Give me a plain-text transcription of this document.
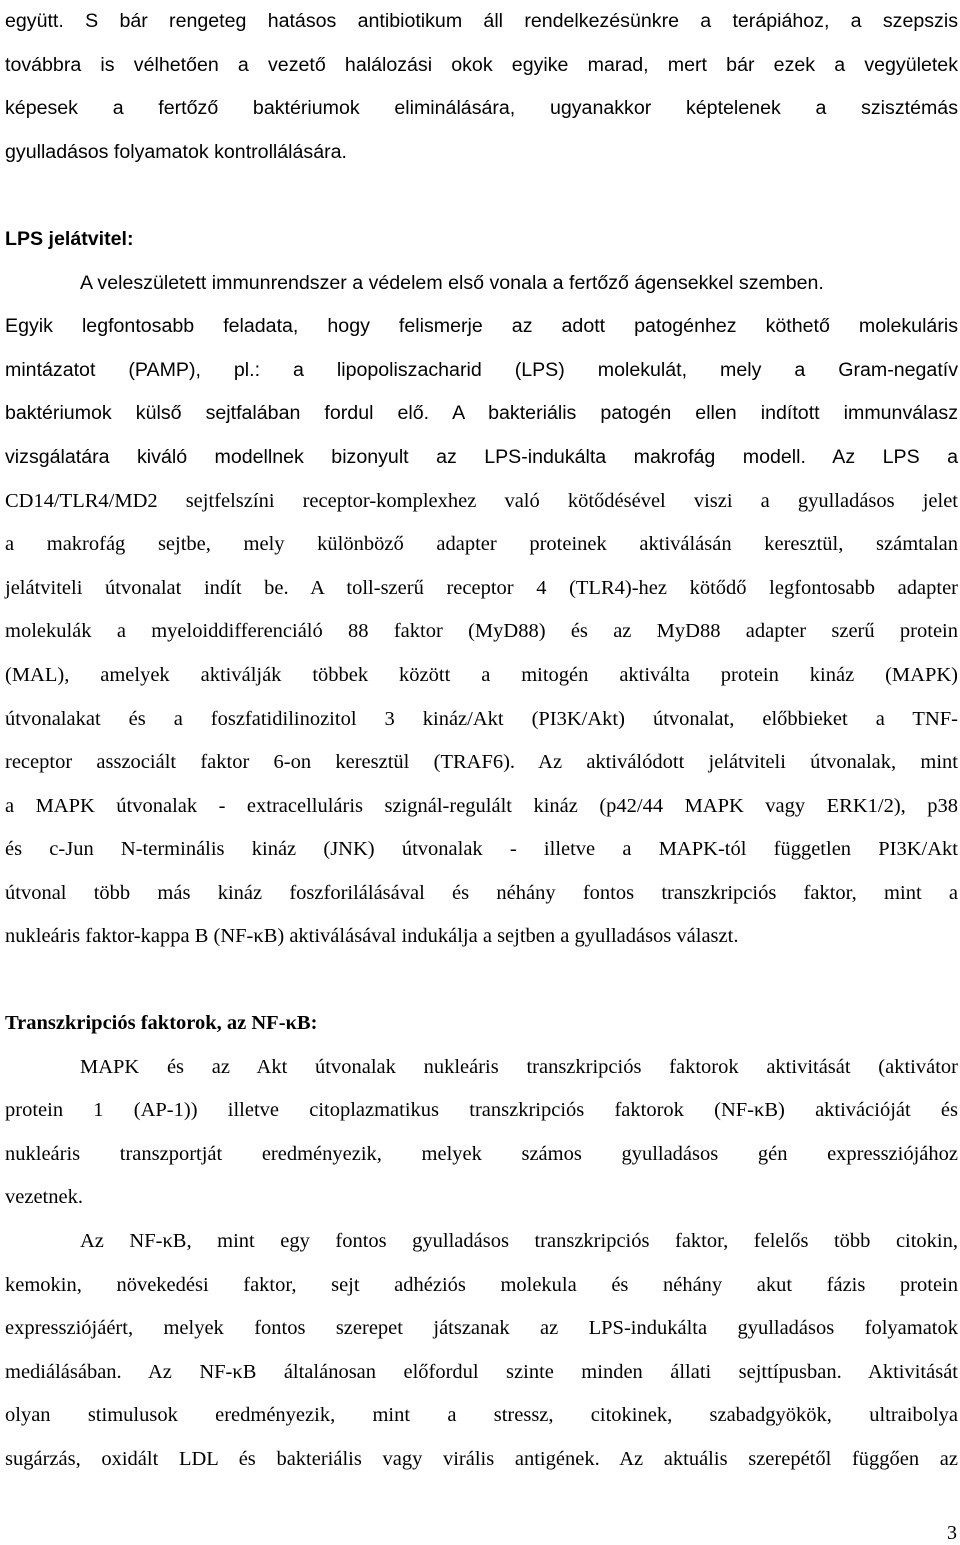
együtt. S bár rengeteg hatásos antibiotikum áll rendelkezésünkre a terápiához, a szepszis
továbbra is vélhetően a vezető halálozási okok egyike marad, mert bár ezek a vegyületek
képesek a fertőző baktériumok eliminálására, ugyanakkor képtelenek a szisztémás
gyulladásos folyamatok kontrollálására.
LPS jelátvitel:
A veleszületett immunrendszer a védelem első vonala a fertőző ágensekkel szemben.
Egyik legfontosabb feladata, hogy felismerje az adott patogénhez köthető molekuláris
mintázatot (PAMP), pl.: a lipopoliszacharid (LPS) molekulát, mely a Gram-negatív
baktériumok külső sejtfalában fordul elő. A bakteriális patogén ellen indított immunválasz
vizsgálatára kiváló modellnek bizonyult az LPS-indukálta makrofág modell. Az LPS a
CD14/TLR4/MD2 sejtfelszíni receptor-komplexhez való kötődésével viszi a gyulladásos jelet
a makrofág sejtbe, mely különböző adapter proteinek aktiválásán keresztül, számtalan
jelátviteli útvonalat indít be. A toll-szerű receptor 4 (TLR4)-hez kötődő legfontosabb adapter
molekulák a myeloiddifferenciáló 88 faktor (MyD88) és az MyD88 adapter szerű protein
(MAL), amelyek aktiválják többek között a mitogén aktiválta protein kináz (MAPK)
útvonalakat és a foszfatidilinozitol 3 kináz/Akt (PI3K/Akt) útvonalat, előbbieket a TNF-
receptor asszociált faktor 6-on keresztül (TRAF6). Az aktiválódott jelátviteli útvonalak, mint
a MAPK útvonalak - extracelluláris szignál-regulált kináz (p42/44 MAPK vagy ERK1/2), p38
és c-Jun N-terminális kináz (JNK) útvonalak - illetve a MAPK-tól független PI3K/Akt
útvonal több más kináz foszforilálásával és néhány fontos transzkripciós faktor, mint a
nukleáris faktor-kappa B (NF-κB) aktiválásával indukálja a sejtben a gyulladásos választ.
Transzkripciós faktorok, az NF-κB:
MAPK és az Akt útvonalak nukleáris transzkripciós faktorok aktivitását (aktivátor
protein 1 (AP-1)) illetve citoplazmatikus transzkripciós faktorok (NF-κB) aktivációját és
nukleáris transzportját eredményezik, melyek számos gyulladásos gén expressziójához
vezetnek.
Az NF-κB, mint egy fontos gyulladásos transzkripciós faktor, felelős több citokin,
kemokin, növekedési faktor, sejt adhéziós molekula és néhány akut fázis protein
expressziójáért, melyek fontos szerepet játszanak az LPS-indukálta gyulladásos folyamatok
mediálásában. Az NF-κB általánosan előfordul szinte minden állati sejttípusban. Aktivitását
olyan stimulusok eredményezik, mint a stressz, citokinek, szabadgyökök, ultraibolya
sugárzás, oxidált LDL és bakteriális vagy virális antigének. Az aktuális szerepétől függően az
3
